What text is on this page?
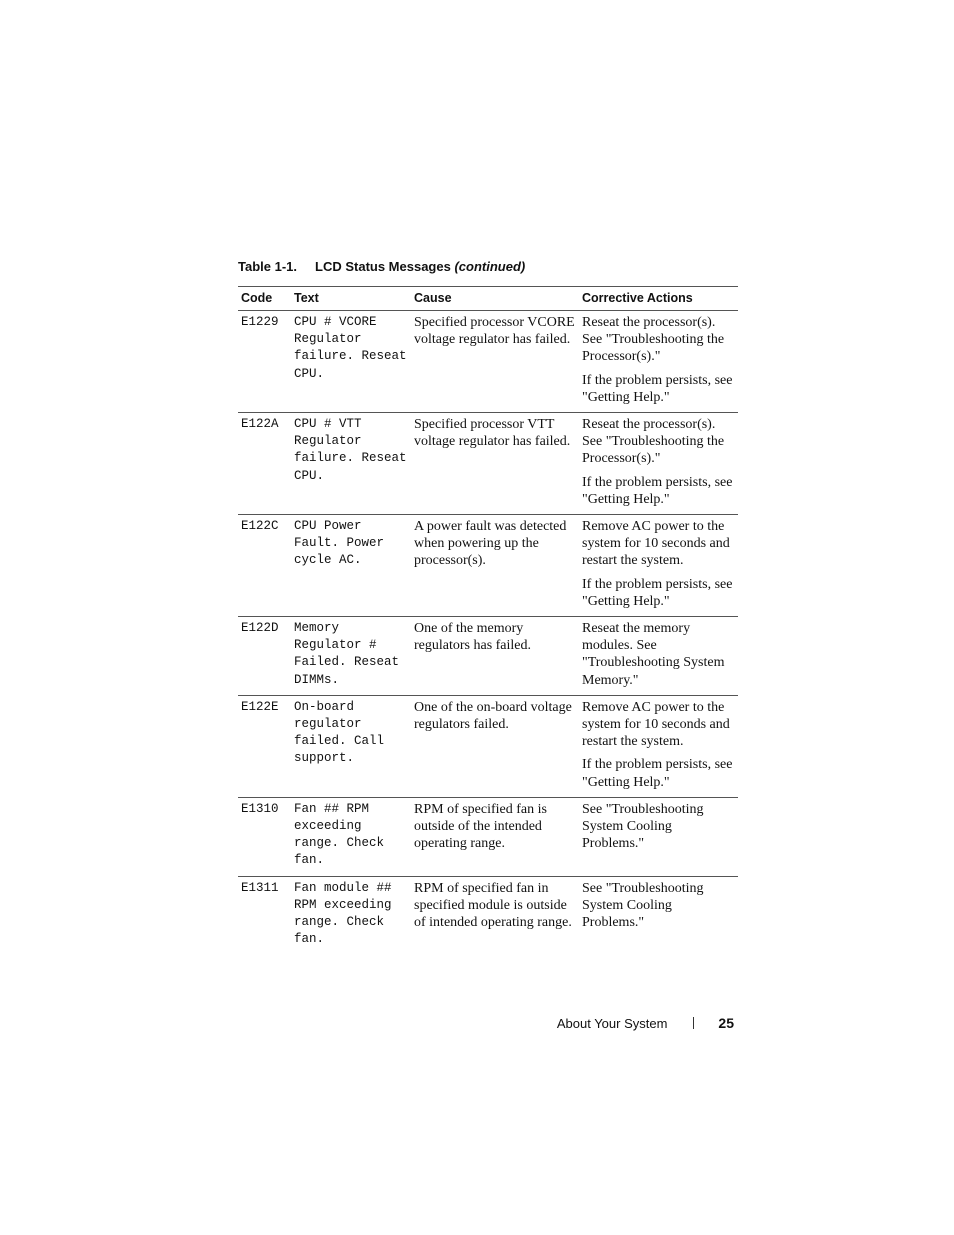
Table 1-1. LCD Status Messages (continued)
Code	Text	Cause	Corrective Actions
E1229	CPU # VCORE Regulator failure. Reseat CPU.	Specified processor VCORE voltage regulator has failed.	Reseat the processor(s). See "Troubleshooting the Processor(s)."

If the problem persists, see "Getting Help."

E122A	CPU # VTT Regulator failure. Reseat CPU.	Specified processor VTT voltage regulator has failed.	Reseat the processor(s). See "Troubleshooting the Processor(s)."

If the problem persists, see "Getting Help."

E122C	CPU Power Fault. Power cycle AC.	A power fault was detected when powering up the processor(s).	Remove AC power to the system for 10 seconds and restart the system.

If the problem persists, see "Getting Help."

E122D	Memory Regulator # Failed. Reseat DIMMs.	One of the memory regulators has failed.	Reseat the memory modules. See "Troubleshooting System Memory."

E122E	On-board regulator failed. Call support.	One of the on-board voltage regulators failed.	Remove AC power to the system for 10 seconds and restart the system.

If the problem persists, see "Getting Help."

E1310	Fan ## RPM exceeding range. Check fan.	RPM of specified fan is outside of the intended operating range.	See "Troubleshooting System Cooling Problems."

E1311	Fan module ## RPM exceeding range. Check fan.	RPM of specified fan in specified module is outside of intended operating range.	See "Troubleshooting System Cooling Problems."

About Your System	25
